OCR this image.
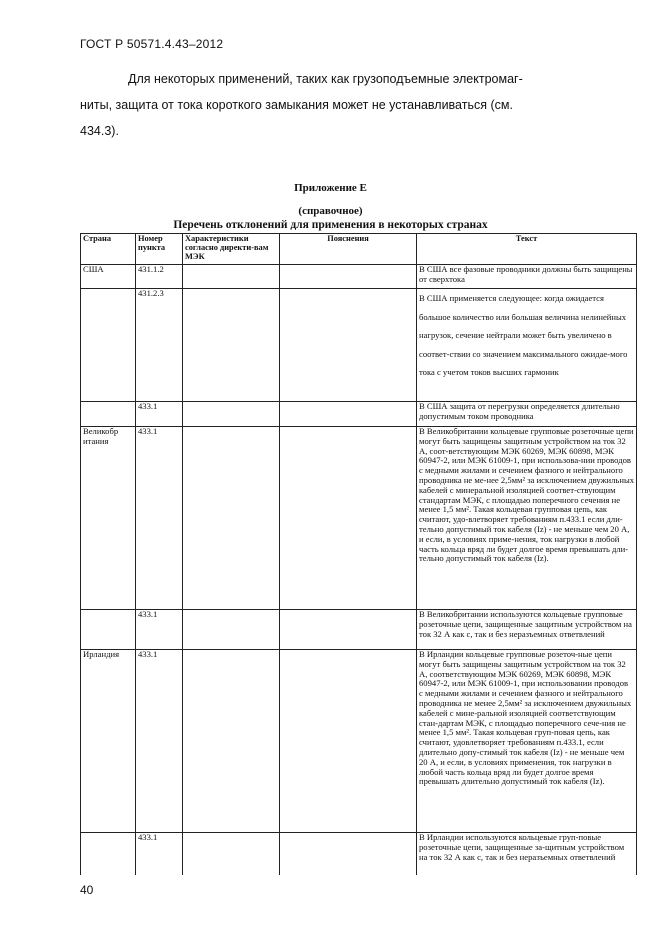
ГОСТ Р 50571.4.43–2012
Для некоторых применений, таких как грузоподъемные электромаг-
ниты, защита от тока короткого замыкания может не устанавливаться (см.
434.3).
Приложение Е
(справочное)
Перечень отклонений для применения в некоторых странах
Страна	Номер пункта	Характеристики согласно директи-вам МЭК	Пояснения	Текст
США	431.1.2			В США все фазовые проводники должны быть защищены от сверхтока
	431.2.3			В США применяется следующее: когда ожидается большое количество или большая величина нелинейных нагрузок, сечение нейтрали может быть увеличено в соответ-ствии со значением максимального ожидае-мого тока с учетом токов высших гармоник
	433.1			В США защита от перегрузки определяется длительно допустимым током проводника
Великобр итания	433.1			В Великобритании кольцевые групповые розеточные цепи могут быть защищены защитным устройством на ток 32 А, соот-ветствующим МЭК 60269, МЭК 60898, МЭК 60947-2, или МЭК 61009-1, при использова-нии проводов с медными жилами и сечением фазного и нейтрального проводника не ме-нее 2,5мм² за исключением двужильных кабелей с минеральной изоляцией соответ-ствующим стандартам МЭК, с площадью поперечного сечения не менее 1,5 мм². Такая кольцевая групповая цепь, как считают, удо-влетворяет требованиям п.433.1 если дли-тельно допустимый ток кабеля (Iz) - не меньше чем 20 А, и если, в условиях приме-нения, ток нагрузки в любой часть кольца вряд ли будет долгое время превышать дли-тельно допустимый ток кабеля (Iz).
	433.1			В Великобритании используются кольцевые групповые розеточные цепи, защищенные защитным устройством на ток 32 А как с, так и без неразъемных ответвлений
Ирландия	433.1			В Ирландии кольцевые групповые розеточ-ные цепи могут быть защищены защитным устройством на ток 32 А, соответствующим МЭК 60269, МЭК 60898, МЭК 60947-2, или МЭК 61009-1, при использовании проводов с медными жилами и сечением фазного и нейтрального проводника не менее 2,5мм² за исключением двужильных кабелей с мине-ральной изоляцией соответствующим стан-дартам МЭК, с площадью поперечного сече-ния не менее 1,5 мм². Такая кольцевая груп-повая цепь, как считают, удовлетворяет требованиям п.433.1, если длительно допу-стимый ток кабеля (Iz) - не меньше чем 20 А, и если, в условиях применения, ток нагрузки в любой часть кольца вряд ли будет долгое время превышать длительно допустимый ток кабеля (Iz).
	433.1			В Ирландии используются кольцевые груп-повые розеточные цепи, защищенные за-щитным устройством на ток 32 А как с, так и без неразъемных ответвлений
40
